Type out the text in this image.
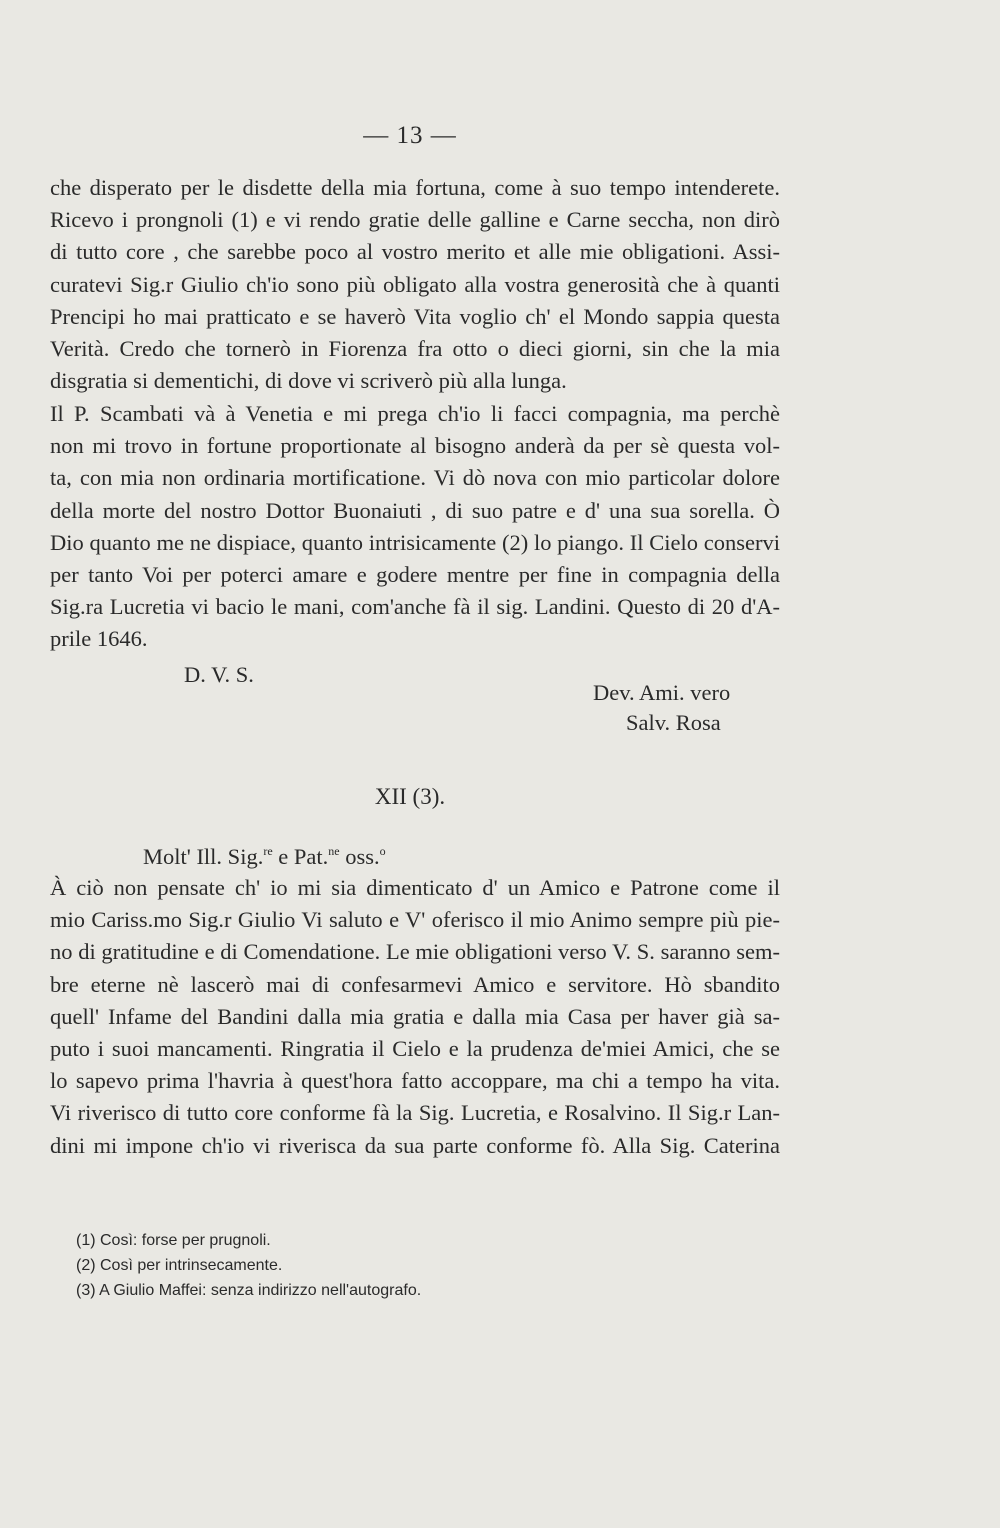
— 13 —
che disperato per le disdette della mia fortuna, come à suo tempo intenderete.
Ricevo i prongnoli (1) e vi rendo gratie delle galline e Carne seccha, non dirò
di tutto core , che sarebbe poco al vostro merito et alle mie obligationi. Assi-
curatevi Sig.r Giulio ch'io sono più obligato alla vostra generosità che à quanti
Prencipi ho mai pratticato e se haverò Vita voglio ch' el Mondo sappia questa
Verità. Credo che tornerò in Fiorenza fra otto o dieci giorni, sin che la mia
disgratia si dementichi, di dove vi scriverò più alla lunga.
Il P. Scambati và à Venetia e mi prega ch'io li facci compagnia, ma perchè
non mi trovo in fortune proportionate al bisogno anderà da per sè questa vol-
ta, con mia non ordinaria mortificatione. Vi dò nova con mio particolar dolore
della morte del nostro Dottor Buonaiuti , di suo patre e d' una sua sorella. Ò
Dio quanto me ne dispiace, quanto intrisicamente (2) lo piango. Il Cielo conservi
per tanto Voi per poterci amare e godere mentre per fine in compagnia della
Sig.ra Lucretia vi bacio le mani, com'anche fà il sig. Landini. Questo di 20 d'A-
prile 1646.
D. V. S.
Dev. Ami. vero
Salv. Rosa
XII (3).
Molt' Ill. Sig.$^{re}$ e Pat.$^{ne}$ oss.$^o$
À ciò non pensate ch' io mi sia dimenticato d' un Amico e Patrone come il
mio Cariss.mo Sig.r Giulio Vi saluto e V' oferisco il mio Animo sempre più pie-
no di gratitudine e di Comendatione. Le mie obligationi verso V. S. saranno sem-
bre eterne nè lascerò mai di confesarmevi Amico e servitore. Hò sbandito
quell' Infame del Bandini dalla mia gratia e dalla mia Casa per haver già sa-
puto i suoi mancamenti. Ringratia il Cielo e la prudenza de'miei Amici, che se
lo sapevo prima l'havria à quest'hora fatto accoppare, ma chi a tempo ha vita.
Vi riverisco di tutto core conforme fà la Sig. Lucretia, e Rosalvino. Il Sig.r Lan-
dini mi impone ch'io vi riverisca da sua parte conforme fò. Alla Sig. Caterina
(1) Così: forse per prugnoli.
(2) Così per intrinsecamente.
(3) A Giulio Maffei: senza indirizzo nell'autografo.
